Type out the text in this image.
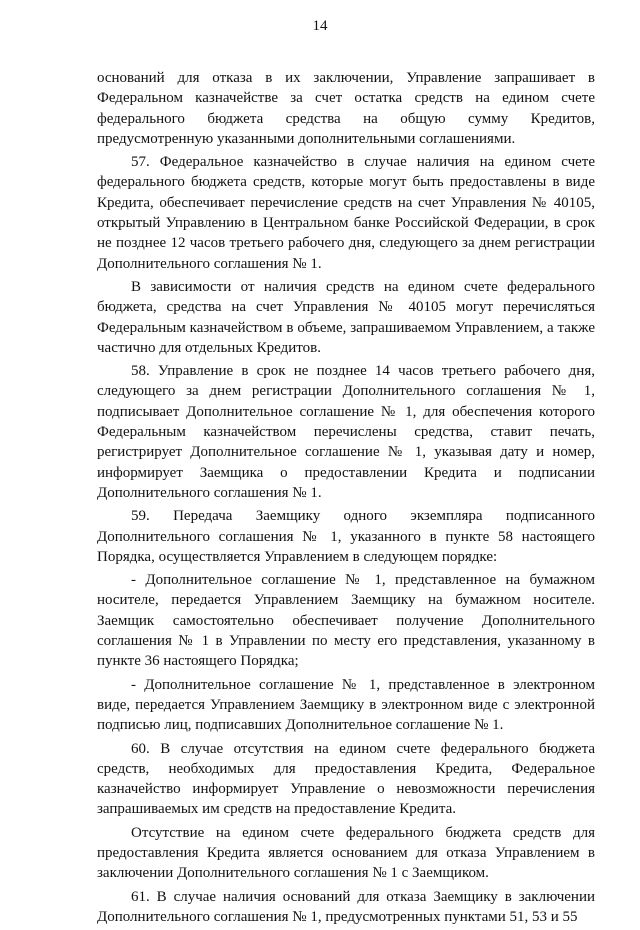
14

оснований для отказа в их заключении, Управление запрашивает в Федеральном казначействе за счет остатка средств на едином счете федерального бюджета средства на общую сумму Кредитов, предусмотренную указанными дополнительными соглашениями.

57. Федеральное казначейство в случае наличия на едином счете федерального бюджета средств, которые могут быть предоставлены в виде Кредита, обеспечивает перечисление средств на счет Управления № 40105, открытый Управлению в Центральном банке Российской Федерации, в срок не позднее 12 часов третьего рабочего дня, следующего за днем регистрации Дополнительного соглашения № 1.

В зависимости от наличия средств на едином счете федерального бюджета, средства на счет Управления № 40105 могут перечисляться Федеральным казначейством в объеме, запрашиваемом Управлением, а также частично для отдельных Кредитов.

58. Управление в срок не позднее 14 часов третьего рабочего дня, следующего за днем регистрации Дополнительного соглашения № 1, подписывает Дополнительное соглашение № 1, для обеспечения которого Федеральным казначейством перечислены средства, ставит печать, регистрирует Дополнительное соглашение № 1, указывая дату и номер, информирует Заемщика о предоставлении Кредита и подписании Дополнительного соглашения № 1.

59. Передача Заемщику одного экземпляра подписанного Дополнительного соглашения № 1, указанного в пункте 58 настоящего Порядка, осуществляется Управлением в следующем порядке:

- Дополнительное соглашение № 1, представленное на бумажном носителе, передается Управлением Заемщику на бумажном носителе. Заемщик самостоятельно обеспечивает получение Дополнительного соглашения № 1 в Управлении по месту его представления, указанному в пункте 36 настоящего Порядка;

- Дополнительное соглашение № 1, представленное в электронном виде, передается Управлением Заемщику в электронном виде с электронной подписью лиц, подписавших Дополнительное соглашение № 1.

60. В случае отсутствия на едином счете федерального бюджета средств, необходимых для предоставления Кредита, Федеральное казначейство информирует Управление о невозможности перечисления запрашиваемых им средств на предоставление Кредита.

Отсутствие на едином счете федерального бюджета средств для предоставления Кредита является основанием для отказа Управлением в заключении Дополнительного соглашения № 1 с Заемщиком.

61. В случае наличия оснований для отказа Заемщику в заключении Дополнительного соглашения № 1, предусмотренных пунктами 51, 53 и 55
